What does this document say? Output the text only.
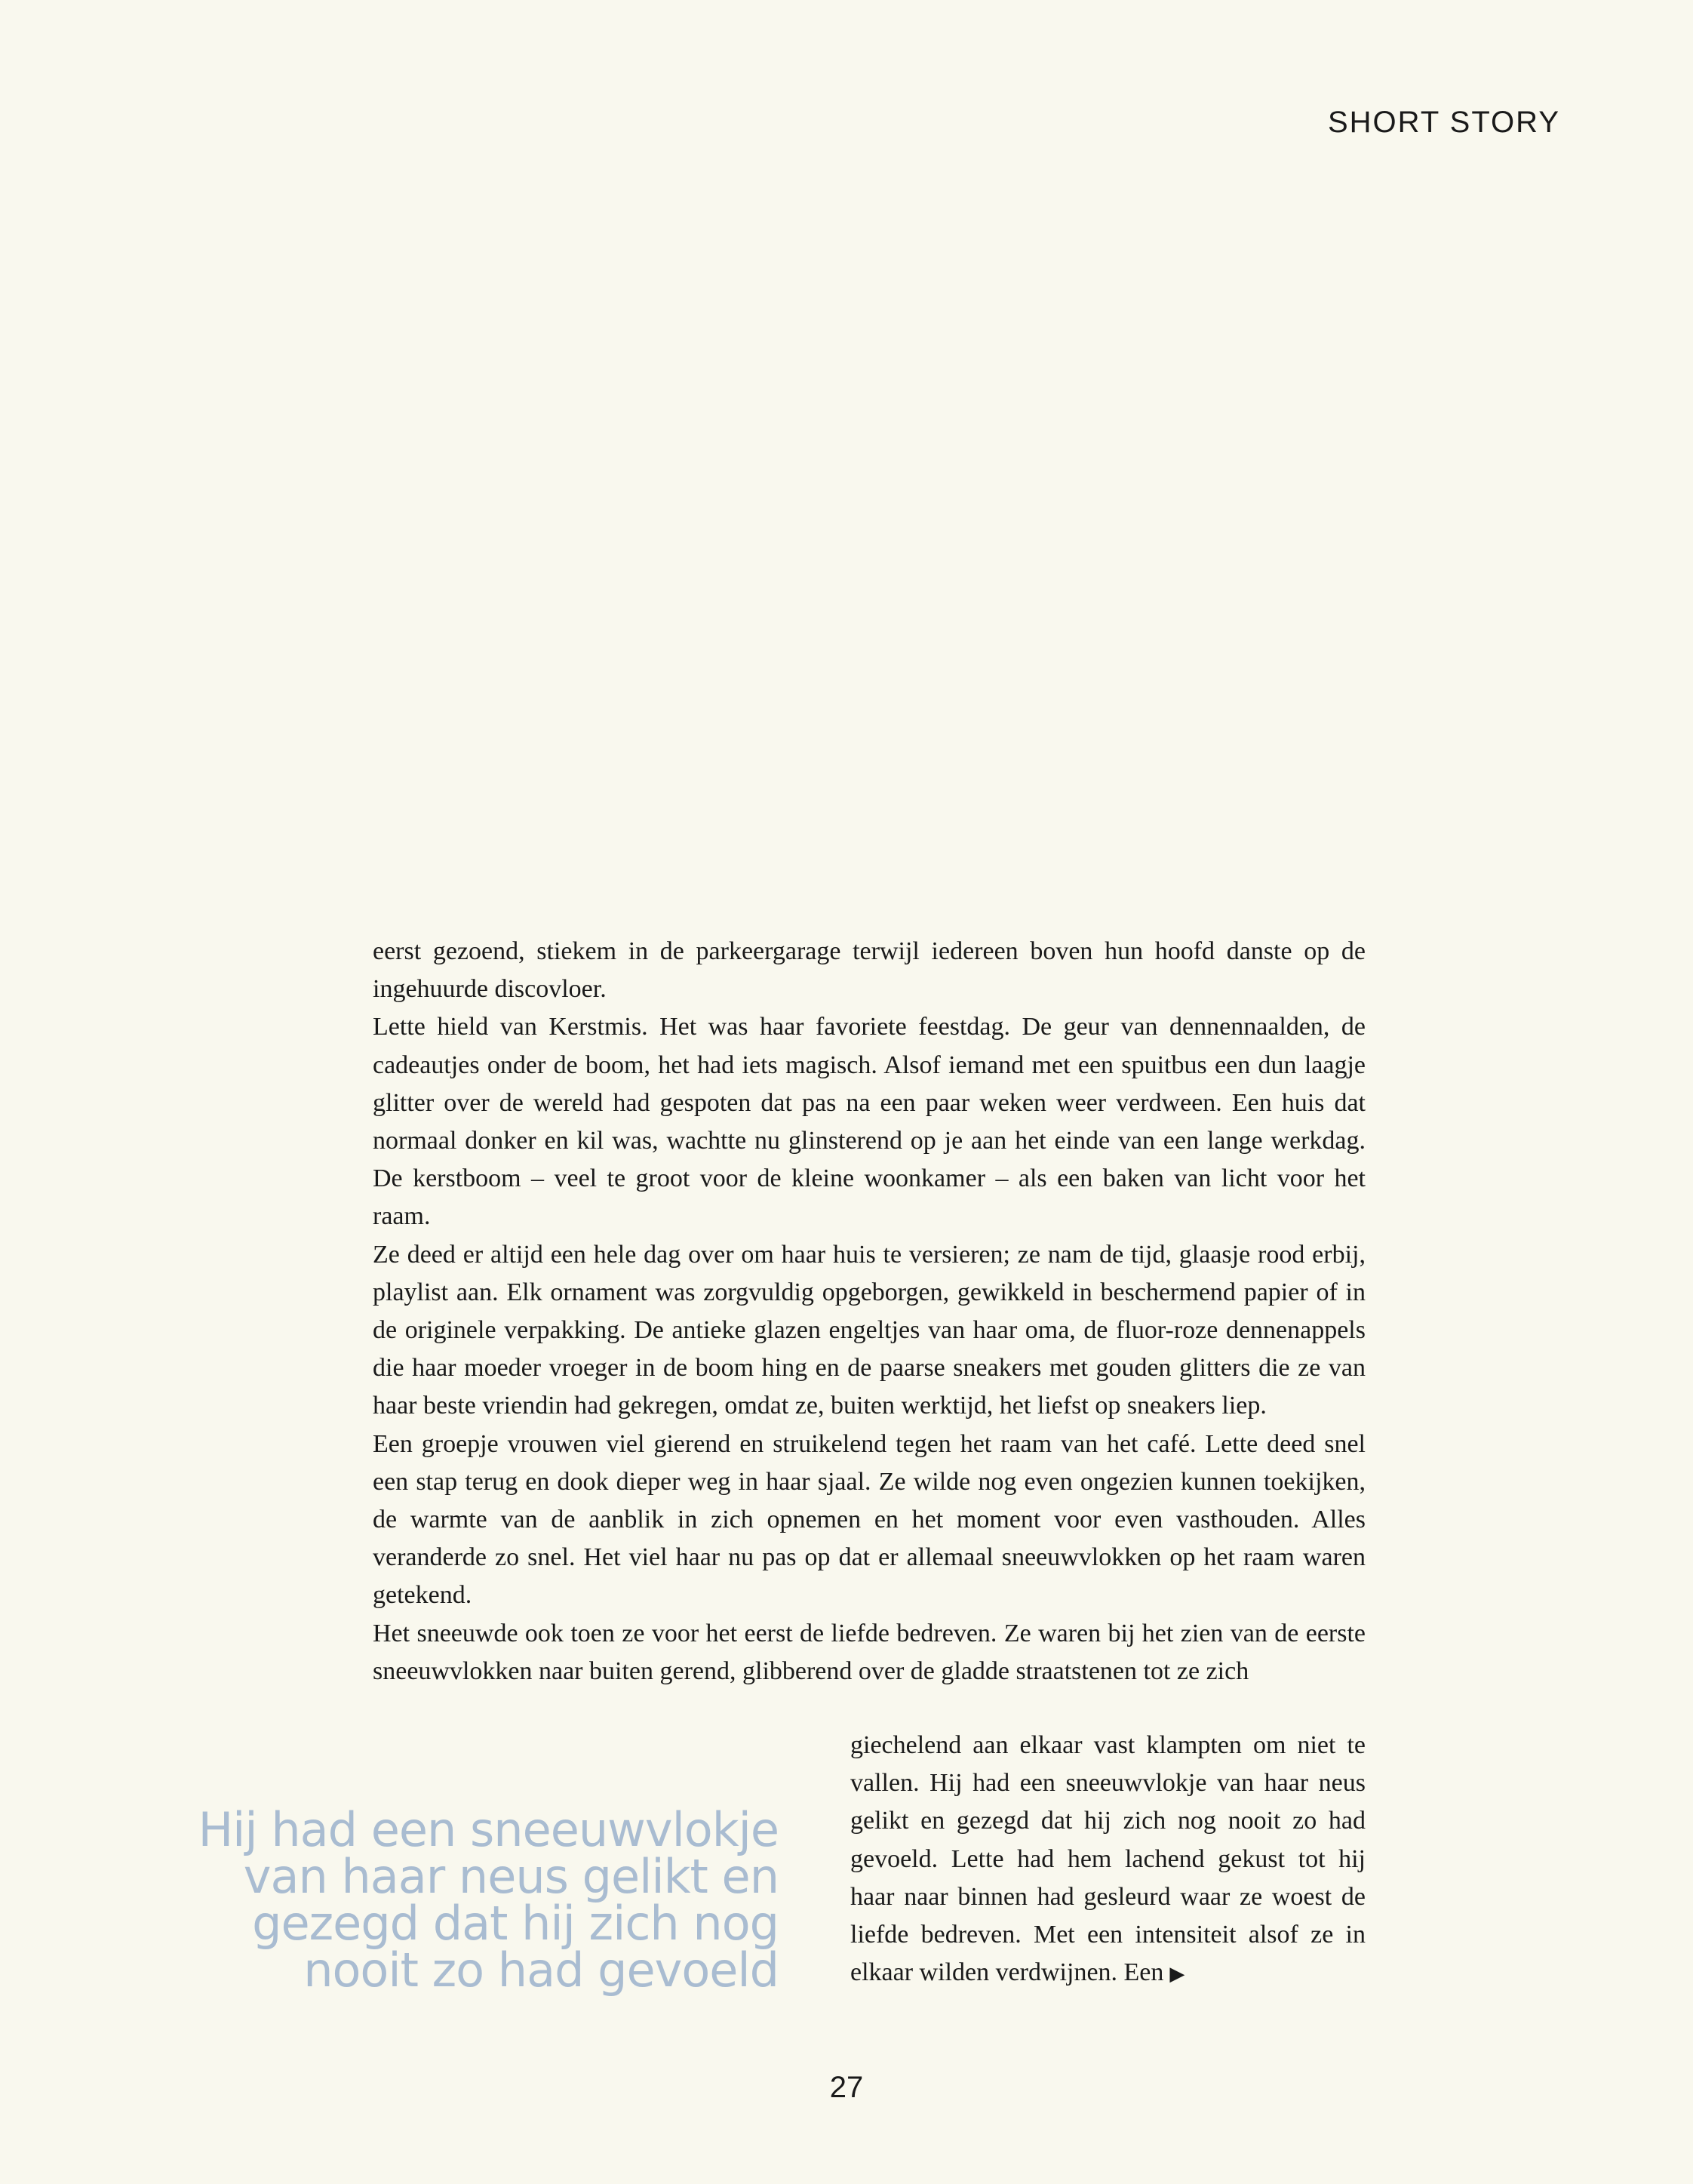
SHORT STORY

eerst gezoend, stiekem in de parkeergarage terwijl iedereen boven hun hoofd danste op de ingehuurde discovloer.

Lette hield van Kerstmis. Het was haar favoriete feestdag. De geur van dennennaalden, de cadeautjes onder de boom, het had iets magisch. Alsof iemand met een spuitbus een dun laagje glitter over de wereld had gespoten dat pas na een paar weken weer verdween. Een huis dat normaal donker en kil was, wachtte nu glinsterend op je aan het einde van een lange werkdag. De kerstboom – veel te groot voor de kleine woonkamer – als een baken van licht voor het raam.

Ze deed er altijd een hele dag over om haar huis te versieren; ze nam de tijd, glaasje rood erbij, playlist aan. Elk ornament was zorgvuldig opgeborgen, gewikkeld in beschermend papier of in de originele verpakking. De antieke glazen engeltjes van haar oma, de fluor-roze dennenappels die haar moeder vroeger in de boom hing en de paarse sneakers met gouden glitters die ze van haar beste vriendin had gekregen, omdat ze, buiten werktijd, het liefst op sneakers liep.

Een groepje vrouwen viel gierend en struikelend tegen het raam van het café. Lette deed snel een stap terug en dook dieper weg in haar sjaal. Ze wilde nog even ongezien kunnen toekijken, de warmte van de aanblik in zich opnemen en het moment voor even vasthouden. Alles veranderde zo snel. Het viel haar nu pas op dat er allemaal sneeuwvlokken op het raam waren getekend.

Het sneeuwde ook toen ze voor het eerst de liefde bedreven. Ze waren bij het zien van de eerste sneeuwvlokken naar buiten gerend, glibberend over de gladde straatstenen tot ze zich

giechelend aan elkaar vast klampten om niet te vallen. Hij had een sneeuwvlokje van haar neus gelikt en gezegd dat hij zich nog nooit zo had gevoeld. Lette had hem lachend gekust tot hij haar naar binnen had gesleurd waar ze woest de liefde bedreven. Met een intensiteit alsof ze in elkaar wilden verdwijnen. Een ▶

Hij had een sneeuwvlokje
van haar neus gelikt en
gezegd dat hij zich nog
nooit zo had gevoeld
27
